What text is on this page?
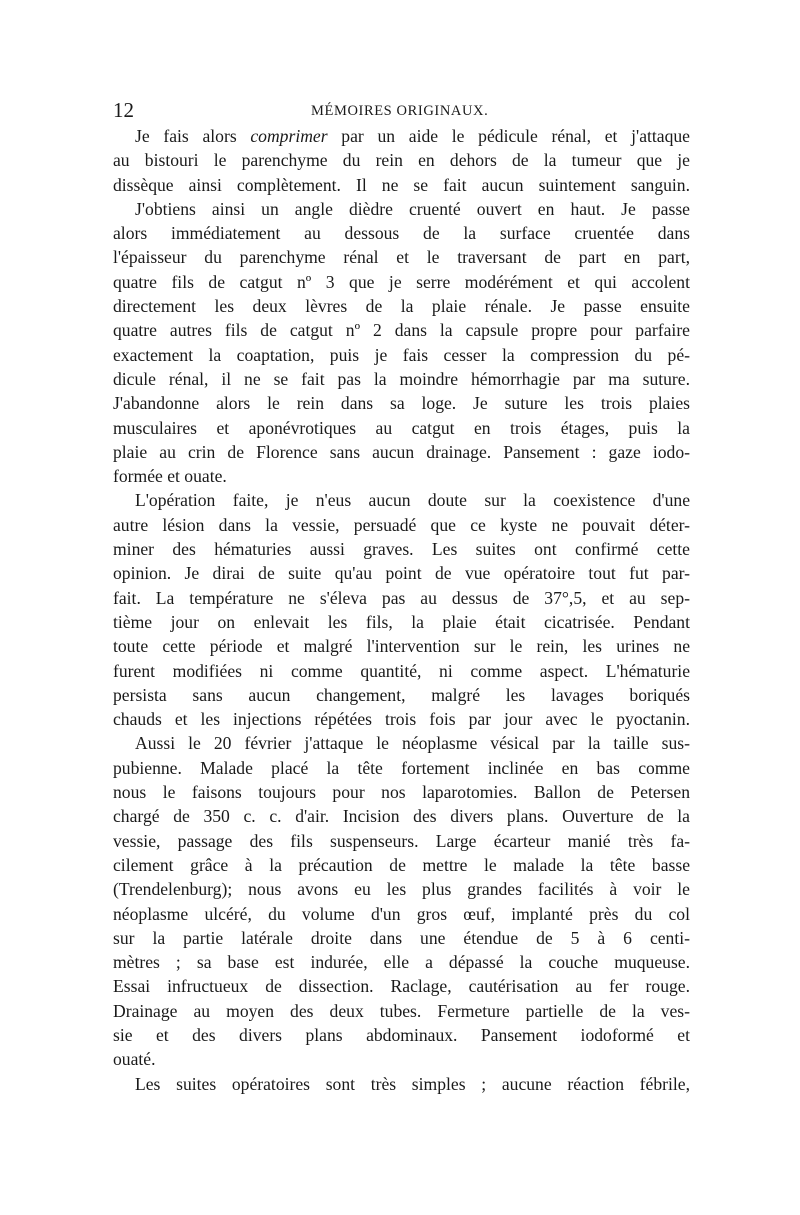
12	MÉMOIRES ORIGINAUX.
Je fais alors comprimer par un aide le pédicule rénal, et j'attaque
au bistouri le parenchyme du rein en dehors de la tumeur que je
dissèque ainsi complètement. Il ne se fait aucun suintement sanguin.
J'obtiens ainsi un angle dièdre cruenté ouvert en haut. Je passe
alors immédiatement au dessous de la surface cruentée dans
l'épaisseur du parenchyme rénal et le traversant de part en part,
quatre fils de catgut nº 3 que je serre modérément et qui accolent
directement les deux lèvres de la plaie rénale. Je passe ensuite
quatre autres fils de catgut nº 2 dans la capsule propre pour parfaire
exactement la coaptation, puis je fais cesser la compression du pé-
dicule rénal, il ne se fait pas la moindre hémorrhagie par ma suture.
J'abandonne alors le rein dans sa loge. Je suture les trois plaies
musculaires et aponévrotiques au catgut en trois étages, puis la
plaie au crin de Florence sans aucun drainage. Pansement : gaze iodo-
formée et ouate.
L'opération faite, je n'eus aucun doute sur la coexistence d'une
autre lésion dans la vessie, persuadé que ce kyste ne pouvait déter-
miner des hématuries aussi graves. Les suites ont confirmé cette
opinion. Je dirai de suite qu'au point de vue opératoire tout fut par-
fait. La température ne s'éleva pas au dessus de 37°,5, et au sep-
tième jour on enlevait les fils, la plaie était cicatrisée. Pendant
toute cette période et malgré l'intervention sur le rein, les urines ne
furent modifiées ni comme quantité, ni comme aspect. L'hématurie
persista sans aucun changement, malgré les lavages boriqués
chauds et les injections répétées trois fois par jour avec le pyoctanin.
Aussi le 20 février j'attaque le néoplasme vésical par la taille sus-
pubienne. Malade placé la tête fortement inclinée en bas comme
nous le faisons toujours pour nos laparotomies. Ballon de Petersen
chargé de 350 c. c. d'air. Incision des divers plans. Ouverture de la
vessie, passage des fils suspenseurs. Large écarteur manié très fa-
cilement grâce à la précaution de mettre le malade la tête basse
(Trendelenburg); nous avons eu les plus grandes facilités à voir le
néoplasme ulcéré, du volume d'un gros œuf, implanté près du col
sur la partie latérale droite dans une étendue de 5 à 6 centi-
mètres ; sa base est indurée, elle a dépassé la couche muqueuse.
Essai infructueux de dissection. Raclage, cautérisation au fer rouge.
Drainage au moyen des deux tubes. Fermeture partielle de la ves-
sie et des divers plans abdominaux. Pansement iodoformé et
ouaté.
Les suites opératoires sont très simples ; aucune réaction fébrile,
